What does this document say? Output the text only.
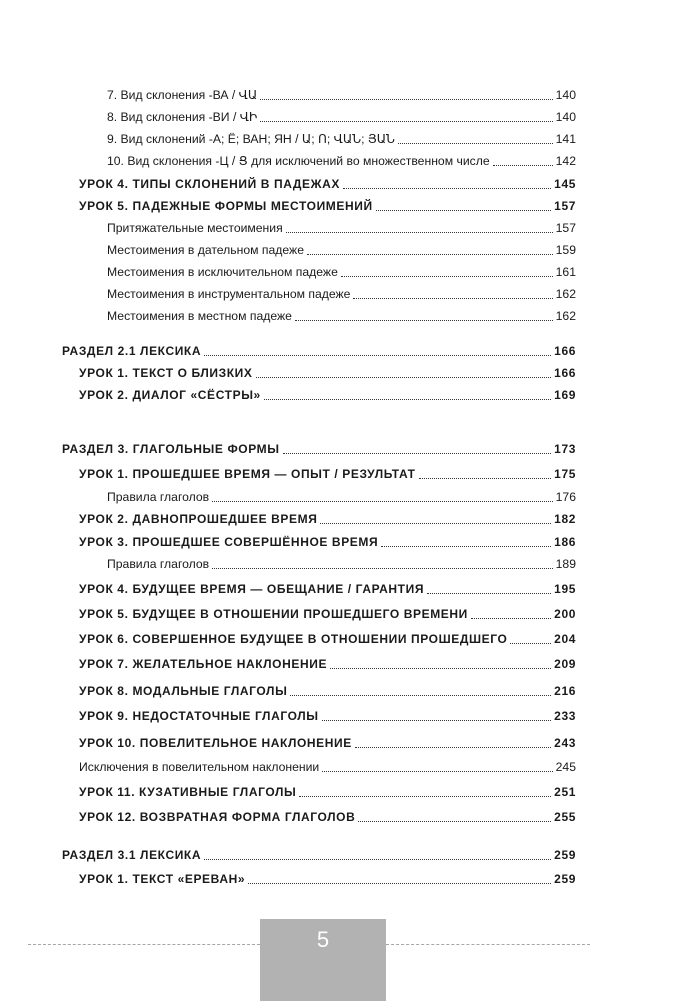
7. Вид склонения -ВА / ՎԱ	140
8. Вид склонения -ВИ / ՎԻ	140
9. Вид склонений -А; Ё; ВАН; ЯН / Ա; Ո; ՎԱՆ; ՅԱՆ	141
10. Вид склонения -Ц / Ց для исключений во множественном числе	142
УРОК 4. ТИПЫ СКЛОНЕНИЙ В ПАДЕЖАХ	145
УРОК 5. ПАДЕЖНЫЕ ФОРМЫ МЕСТОИМЕНИЙ	157
Притяжательные местоимения	157
Местоимения в дательном падеже	159
Местоимения в исключительном падеже	161
Местоимения в инструментальном падеже	162
Местоимения в местном падеже	162
РАЗДЕЛ 2.1 ЛЕКСИКА	166
УРОК 1. ТЕКСТ О БЛИЗКИХ	166
УРОК 2. ДИАЛОГ «СЁСТРЫ»	169
РАЗДЕЛ 3. ГЛАГОЛЬНЫЕ ФОРМЫ	173
УРОК 1. ПРОШЕДШЕЕ ВРЕМЯ — ОПЫТ / РЕЗУЛЬТАТ	175
Правила глаголов	176
УРОК 2. ДАВНОПРОШЕДШЕЕ ВРЕМЯ	182
УРОК 3. ПРОШЕДШЕЕ СОВЕРШЁННОЕ ВРЕМЯ	186
Правила глаголов	189
УРОК 4. БУДУЩЕЕ ВРЕМЯ — ОБЕЩАНИЕ / ГАРАНТИЯ	195
УРОК 5. БУДУЩЕЕ В ОТНОШЕНИИ ПРОШЕДШЕГО ВРЕМЕНИ	200
УРОК 6. СОВЕРШЕННОЕ БУДУЩЕЕ В ОТНОШЕНИИ ПРОШЕДШЕГО	204
УРОК 7. ЖЕЛАТЕЛЬНОЕ НАКЛОНЕНИЕ	209
УРОК 8. МОДАЛЬНЫЕ ГЛАГОЛЫ	216
УРОК 9. НЕДОСТАТОЧНЫЕ ГЛАГОЛЫ	233
УРОК 10. ПОВЕЛИТЕЛЬНОЕ НАКЛОНЕНИЕ	243
Исключения в повелительном наклонении	245
УРОК 11. КУЗАТИВНЫЕ ГЛАГОЛЫ	251
УРОК 12. ВОЗВРАТНАЯ ФОРМА ГЛАГОЛОВ	255
РАЗДЕЛ 3.1 ЛЕКСИКА	259
УРОК 1. ТЕКСТ «ЕРЕВАН»	259
5
